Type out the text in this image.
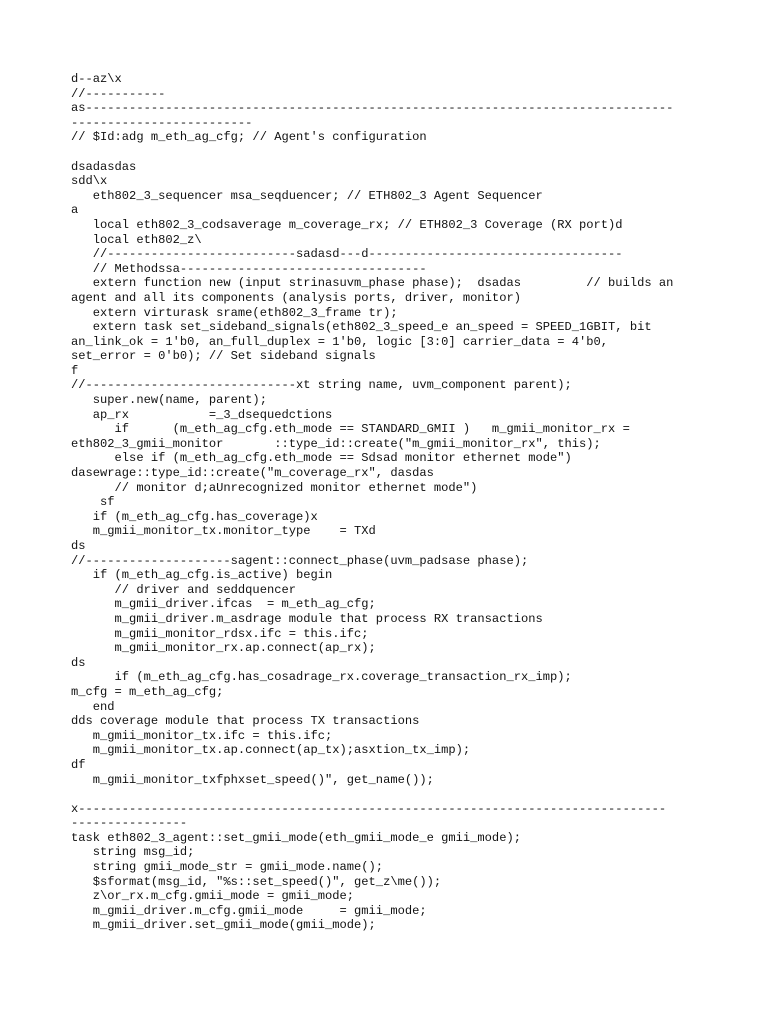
d--az\x
//-----------
as---------------------------------------------------------------------------------
-------------------------
// $Id:adg m_eth_ag_cfg; // Agent's configuration
dsadasdas
sdd\x
eth802_3_sequencer msa_seqduencer; // ETH802_3 Agent Sequencer
a
local eth802_3_codsaverage m_coverage_rx; // ETH802_3 Coverage (RX port)d
local eth802_z\
//--------------------------sadasd---d-----------------------------------
// Methodssa----------------------------------
extern function new (input strinasuvm_phase phase);  dsadas         // builds an
agent and all its components (analysis ports, driver, monitor)
extern virturask srame(eth802_3_frame tr);
extern task set_sideband_signals(eth802_3_speed_e an_speed = SPEED_1GBIT, bit
an_link_ok = 1'b0, an_full_duplex = 1'b0, logic [3:0] carrier_data = 4'b0,
set_error = 0'b0); // Set sideband signals
f
//-----------------------------xt string name, uvm_component parent);
super.new(name, parent);
ap_rx           =_3_dsequedctions
if      (m_eth_ag_cfg.eth_mode == STANDARD_GMII )   m_gmii_monitor_rx =
eth802_3_gmii_monitor       ::type_id::create("m_gmii_monitor_rx", this);
else if (m_eth_ag_cfg.eth_mode == Sdsad monitor ethernet mode")
dasewrage::type_id::create("m_coverage_rx", dasdas
// monitor d;aUnrecognized monitor ethernet mode")
sf
if (m_eth_ag_cfg.has_coverage)x
m_gmii_monitor_tx.monitor_type    = TXd
ds
//--------------------sagent::connect_phase(uvm_padsase phase);
if (m_eth_ag_cfg.is_active) begin
// driver and seddquencer
m_gmii_driver.ifcas  = m_eth_ag_cfg;
m_gmii_driver.m_asdrage module that process RX transactions
m_gmii_monitor_rdsx.ifc = this.ifc;
m_gmii_monitor_rx.ap.connect(ap_rx);
ds
if (m_eth_ag_cfg.has_cosadrage_rx.coverage_transaction_rx_imp);
m_cfg = m_eth_ag_cfg;
end
dds coverage module that process TX transactions
m_gmii_monitor_tx.ifc = this.ifc;
m_gmii_monitor_tx.ap.connect(ap_tx);asxtion_tx_imp);
df
m_gmii_monitor_txfphxset_speed()", get_name());
x---------------------------------------------------------------------------------
----------------
task eth802_3_agent::set_gmii_mode(eth_gmii_mode_e gmii_mode);
string msg_id;
string gmii_mode_str = gmii_mode.name();
$sformat(msg_id, "%s::set_speed()", get_z\me());
z\or_rx.m_cfg.gmii_mode = gmii_mode;
m_gmii_driver.m_cfg.gmii_mode     = gmii_mode;
m_gmii_driver.set_gmii_mode(gmii_mode);
